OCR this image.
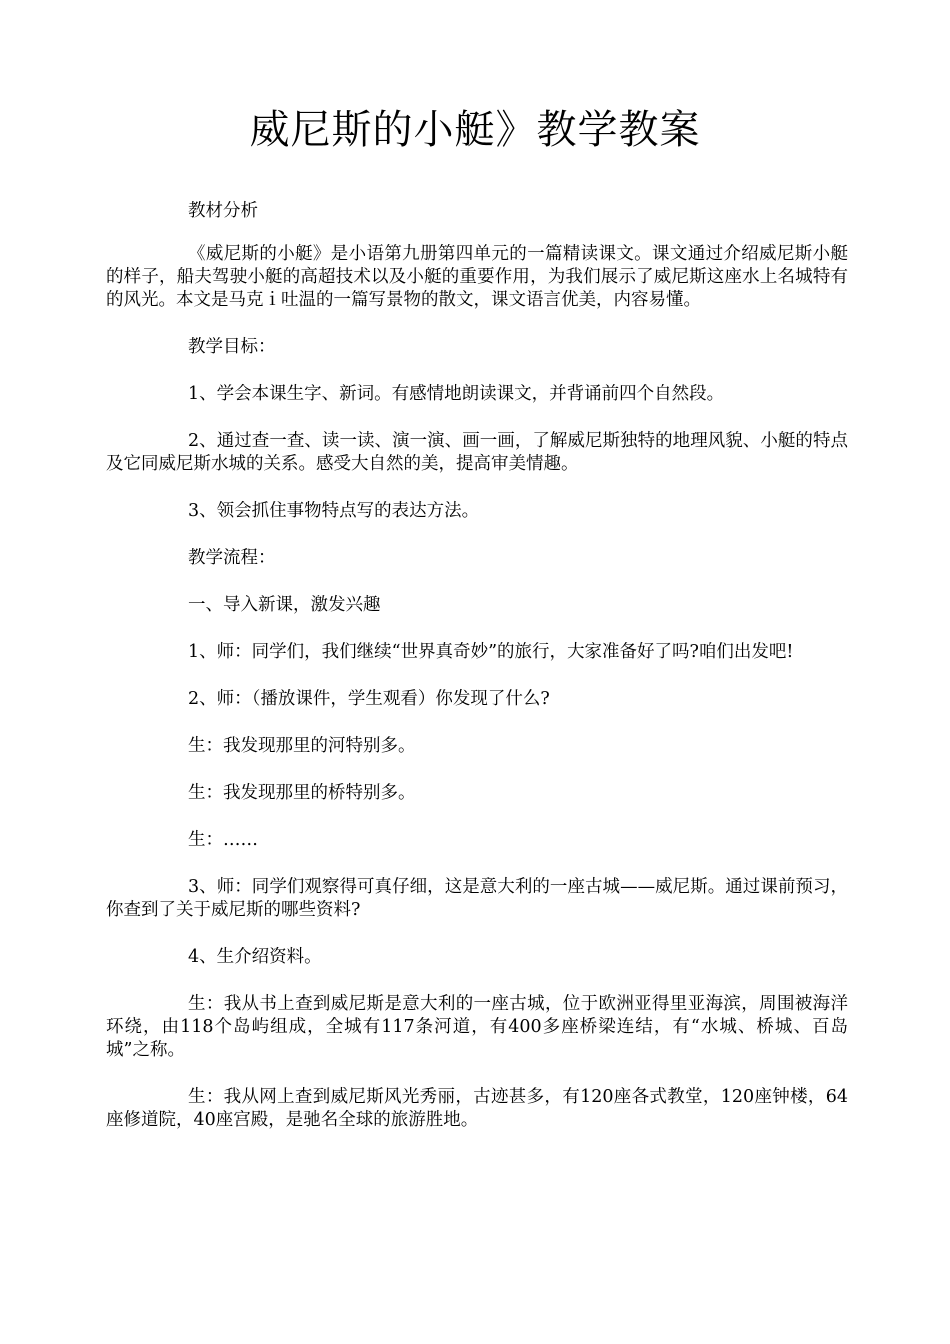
威尼斯的小艇》教学教案

教材分析

《威尼斯的小艇》是小语第九册第四单元的一篇精读课文。课文通过介绍威尼斯小艇的样子，船夫驾驶小艇的高超技术以及小艇的重要作用，为我们展示了威尼斯这座水上名城特有的风光。本文是马克ｉ吐温的一篇写景物的散文，课文语言优美，内容易懂。

教学目标：

1、学会本课生字、新词。有感情地朗读课文，并背诵前四个自然段。

2、通过查一查、读一读、演一演、画一画，了解威尼斯独特的地理风貌、小艇的特点及它同威尼斯水城的关系。感受大自然的美，提高审美情趣。

3、领会抓住事物特点写的表达方法。

教学流程：

一、导入新课，激发兴趣

1、师：同学们，我们继续“世界真奇妙”的旅行，大家准备好了吗?咱们出发吧!

2、师：（播放课件，学生观看）你发现了什么?

生：我发现那里的河特别多。

生：我发现那里的桥特别多。

生：……

3、师：同学们观察得可真仔细，这是意大利的一座古城——威尼斯。通过课前预习，你查到了关于威尼斯的哪些资料?

4、生介绍资料。

生：我从书上查到威尼斯是意大利的一座古城，位于欧洲亚得里亚海滨，周围被海洋环绕，由118个岛屿组成，全城有117条河道，有400多座桥梁连结，有“水城、桥城、百岛城”之称。

生：我从网上查到威尼斯风光秀丽，古迹甚多，有120座各式教堂，120座钟楼，64座修道院，40座宫殿，是驰名全球的旅游胜地。
